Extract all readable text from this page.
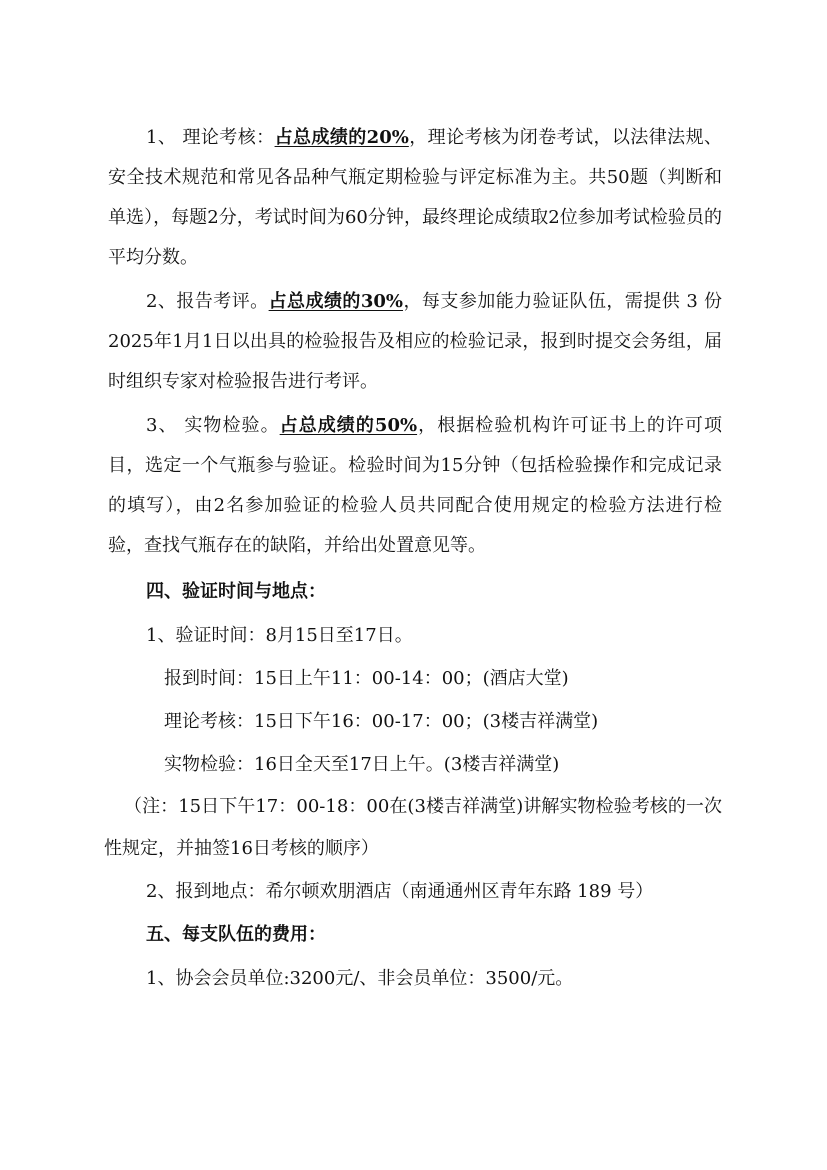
1、 理论考核：占总成绩的20%，理论考核为闭卷考试，以法律法规、安全技术规范和常见各品种气瓶定期检验与评定标准为主。共50题（判断和单选），每题2分，考试时间为60分钟，最终理论成绩取2位参加考试检验员的平均分数。

2、报告考评。占总成绩的30%，每支参加能力验证队伍，需提供 3 份 2025年1月1日以出具的检验报告及相应的检验记录，报到时提交会务组，届时组织专家对检验报告进行考评。

3、 实物检验。占总成绩的50%，根据检验机构许可证书上的许可项目，选定一个气瓶参与验证。检验时间为15分钟（包括检验操作和完成记录的填写），由2名参加验证的检验人员共同配合使用规定的检验方法进行检验，查找气瓶存在的缺陷，并给出处置意见等。

四、验证时间与地点：

1、验证时间：8月15日至17日。

报到时间：15日上午11：00-14：00；(酒店大堂)

理论考核：15日下午16：00-17：00；(3楼吉祥满堂)

实物检验：16日全天至17日上午。(3楼吉祥满堂)

（注：15日下午17：00-18：00在(3楼吉祥满堂)讲解实物检验考核的一次性规定，并抽签16日考核的顺序）

2、报到地点：希尔顿欢朋酒店（南通通州区青年东路 189 号）

五、每支队伍的费用：

1、协会会员单位:3200元/、非会员单位：3500/元。
